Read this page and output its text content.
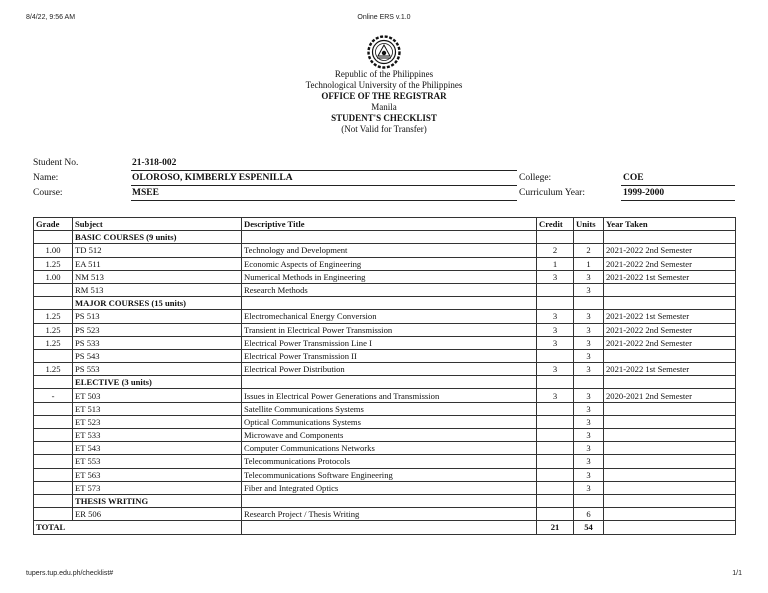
8/4/22, 9:56 AM	Online ERS v.1.0
Republic of the Philippines
Technological University of the Philippines
OFFICE OF THE REGISTRAR
Manila
STUDENT'S CHECKLIST
(Not Valid for Transfer)
Student No.	21-318-002
Name:	OLOROSO, KIMBERLY ESPENILLA
Course:	MSEE
College:	COE
Curriculum Year:	1999-2000
Grade	Subject	Descriptive Title	Credit	Units	Year Taken
	BASIC COURSES (9 units)				
1.00	TD 512	Technology and Development	2	2	2021-2022 2nd Semester
1.25	EA 511	Economic Aspects of Engineering	1	1	2021-2022 2nd Semester
1.00	NM 513	Numerical Methods in Engineering	3	3	2021-2022 1st Semester
	RM 513	Research Methods		3	
	MAJOR COURSES (15 units)				
1.25	PS 513	Electromechanical Energy Conversion	3	3	2021-2022 1st Semester
1.25	PS 523	Transient in Electrical Power Transmission	3	3	2021-2022 2nd Semester
1.25	PS 533	Electrical Power Transmission Line I	3	3	2021-2022 2nd Semester
	PS 543	Electrical Power Transmission II		3	
1.25	PS 553	Electrical Power Distribution	3	3	2021-2022 1st Semester
	ELECTIVE (3 units)				
-	ET 503	Issues in Electrical Power Generations and Transmission	3	3	2020-2021 2nd Semester
	ET 513	Satellite Communications Systems		3	
	ET 523	Optical Communications Systems		3	
	ET 533	Microwave and Components		3	
	ET 543	Computer Communications Networks		3	
	ET 553	Telecommunications Protocols		3	
	ET 563	Telecommunications Software Engineering		3	
	ET 573	Fiber and Integrated Optics		3	
	THESIS WRITING				
	ER 506	Research Project / Thesis Writing		6	
TOTAL			21	54	
tupers.tup.edu.ph/checklist#	1/1
